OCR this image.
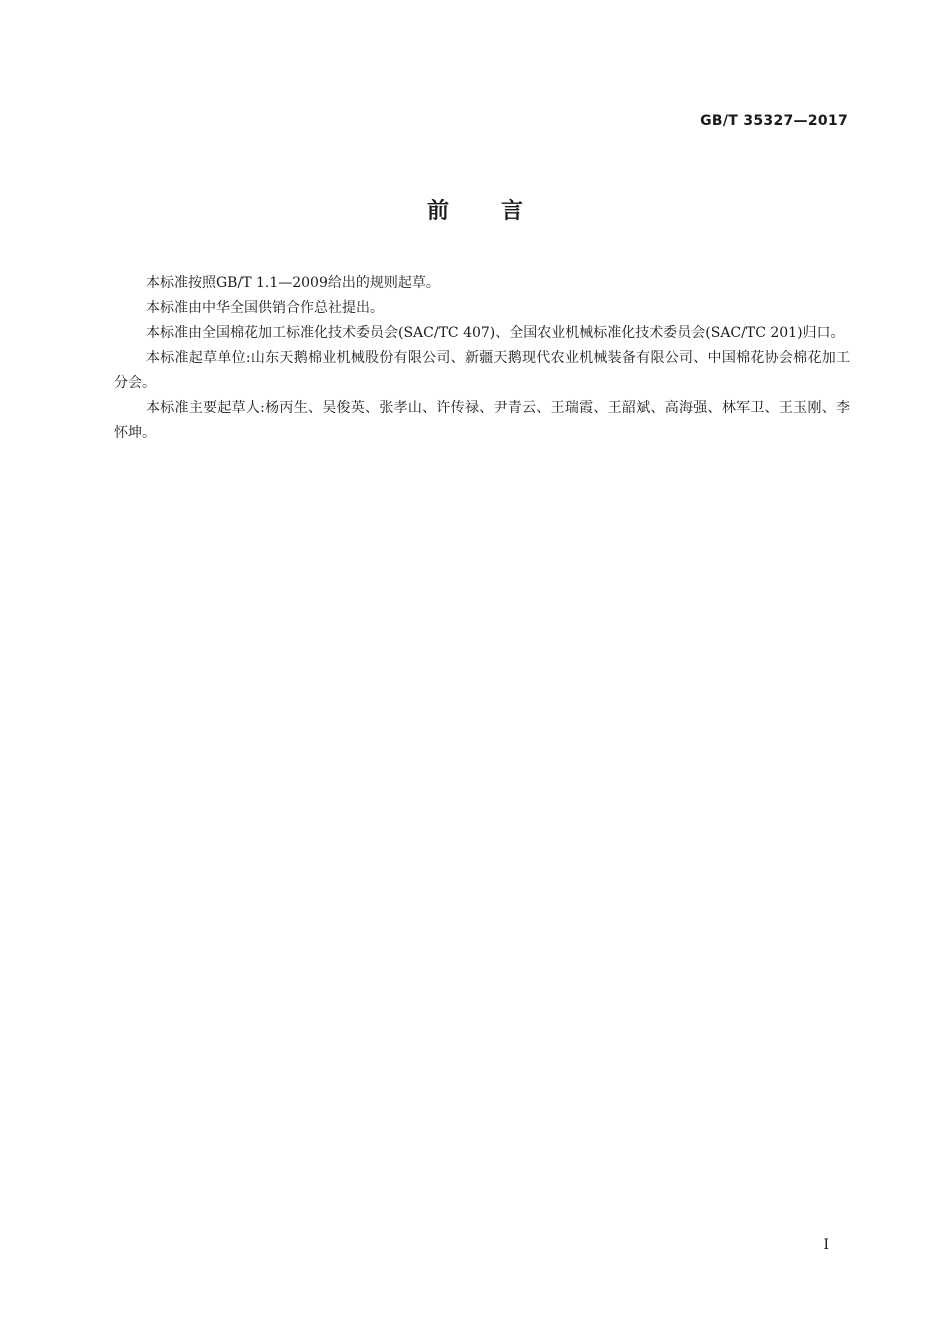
GB/T 35327—2017
前言

本标准按照GB/T 1.1—2009给出的规则起草。

本标准由中华全国供销合作总社提出。

本标准由全国棉花加工标准化技术委员会(SAC/TC 407)、全国农业机械标准化技术委员会(SAC/TC 201)归口。

本标准起草单位:山东天鹅棉业机械股份有限公司、新疆天鹅现代农业机械装备有限公司、中国棉花协会棉花加工分会。

本标准主要起草人:杨丙生、吴俊英、张孝山、许传禄、尹青云、王瑞霞、王韶斌、高海强、林军卫、王玉刚、李怀坤。

I
